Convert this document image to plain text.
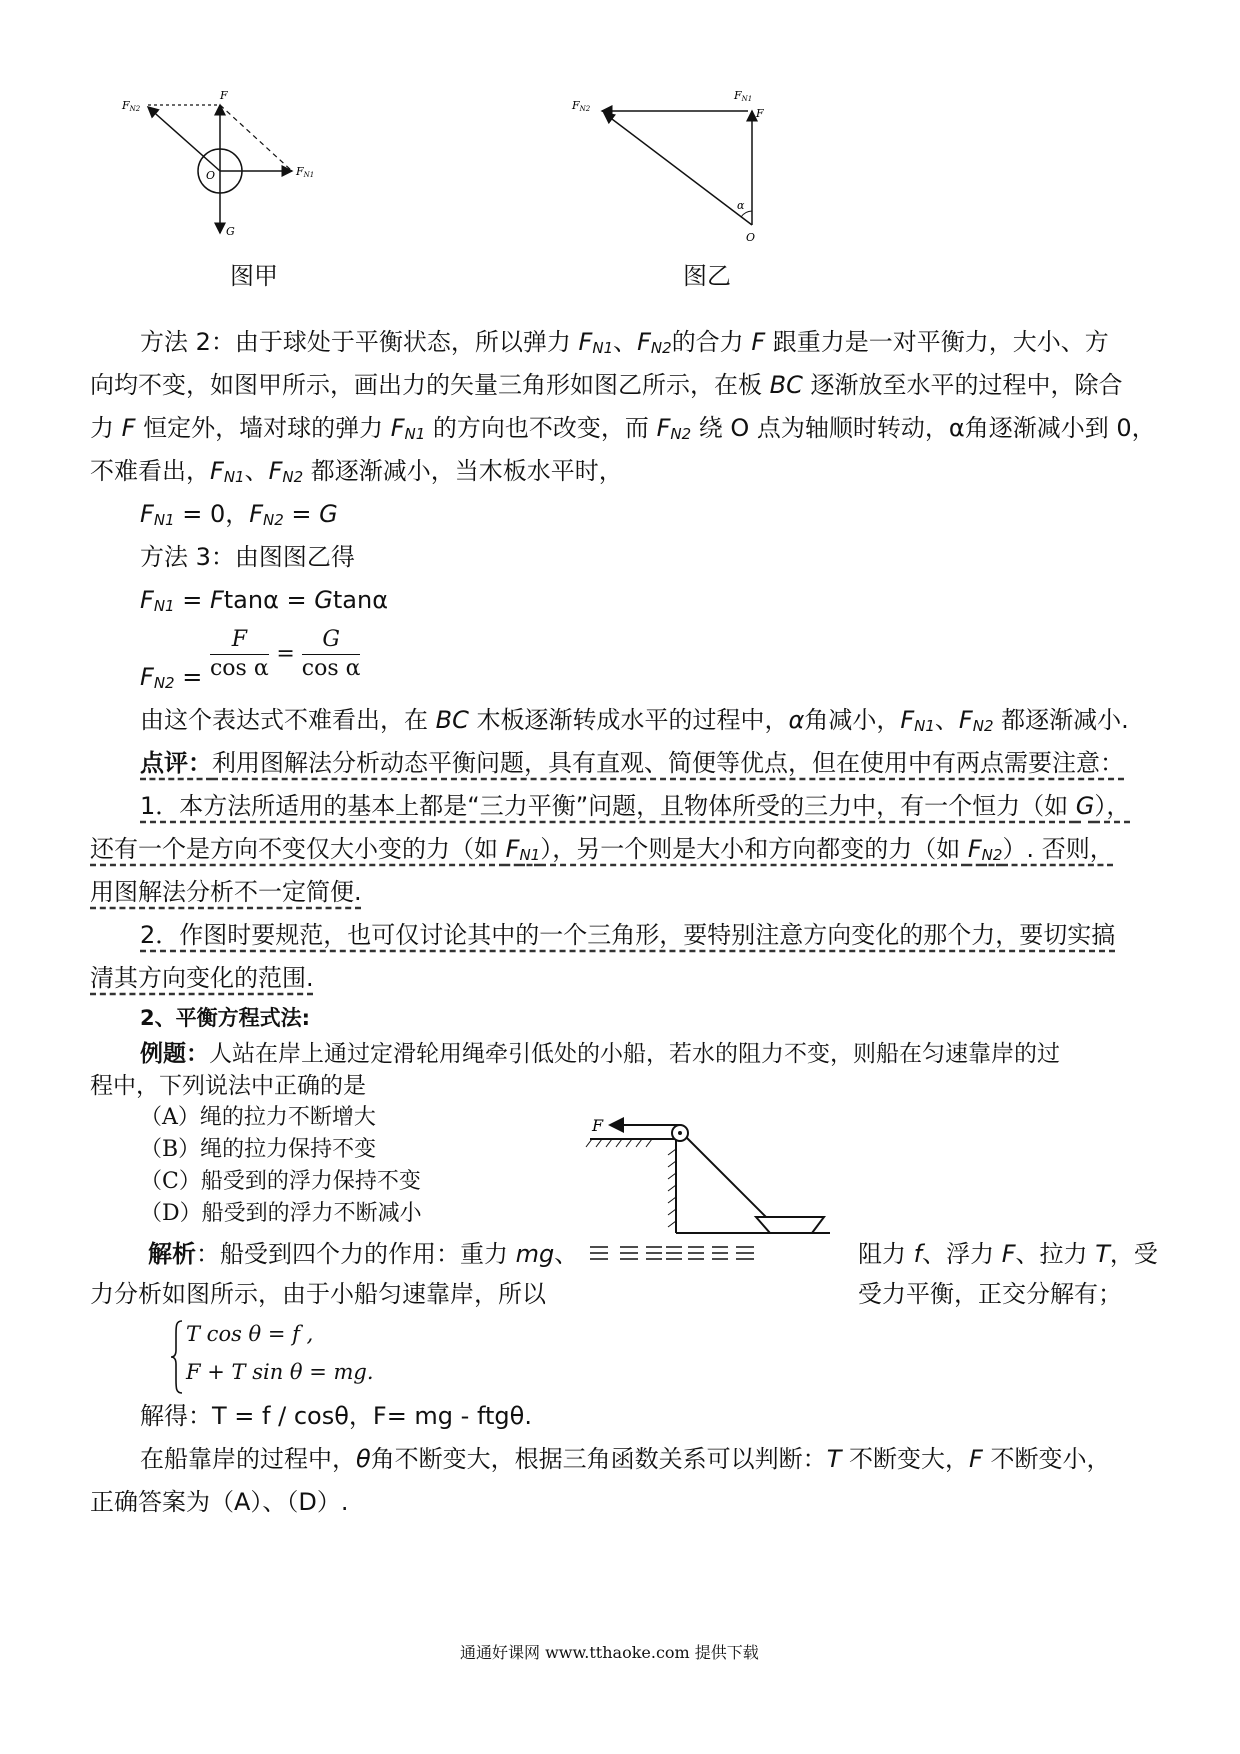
FN2
F
FN1
O
G
图甲
FN2
FN1
F
α
O
图乙
方法 2：由于球处于平衡状态，所以弹力 $F_{N1}$、$F_{N2}$的合力 F 跟重力是一对平衡力，大小、方
向均不变，如图甲所示，画出力的矢量三角形如图乙所示，在板 BC 逐渐放至水平的过程中，除合
力 F 恒定外，墙对球的弹力 $F_{N1}$ 的方向也不改变，而 $F_{N2}$ 绕 O 点为轴顺时转动，α角逐渐减小到 0，
不难看出，$F_{N1}$、$F_{N2}$ 都逐渐减小，当木板水平时，
$F_{N1} = 0$，$F_{N2} = G$
方法 3：由图图乙得
$F_{N1} = Ftan\alpha = Gtan\alpha$
$F_{N2} = \frac{F}{\text{cos α}} = \frac{G}{\text{cos α}}$
由这个表达式不难看出，在 BC 木板逐渐转成水平的过程中，α角减小，$F_{N1}$、$F_{N2}$ 都逐渐减小.
点评：利用图解法分析动态平衡问题，具有直观、简便等优点，但在使用中有两点需要注意：
1．本方法所适用的基本上都是“三力平衡”问题，且物体所受的三力中，有一个恒力（如 G），
还有一个是方向不变仅大小变的力（如 $F_{N1}$），另一个则是大小和方向都变的力（如 $F_{N2}$）. 否则，
用图解法分析不一定简便.
2．作图时要规范，也可仅讨论其中的一个三角形，要特别注意方向变化的那个力，要切实搞
清其方向变化的范围.
2、平衡方程式法:
例题：人站在岸上通过定滑轮用绳牵引低处的小船，若水的阻力不变，则船在匀速靠岸的过
程中，下列说法中正确的是
（A）绳的拉力不断增大
（B）绳的拉力保持不变
（C）船受到的浮力保持不变
（D）船受到的浮力不断减小
F
解析：船受到四个力的作用：重力 mg、	阻力 f、浮力 F、拉力 T，受
力分析如图所示，由于小船匀速靠岸，所以	受力平衡，正交分解有；
T cos θ = f ,
F + T sin θ = mg.
解得：T = f / cosθ，F= mg - ftgθ.
在船靠岸的过程中，θ角不断变大，根据三角函数关系可以判断：T 不断变大，F 不断变小，
正确答案为（A）、（D）.
通通好课网 www.tthaoke.com 提供下载
